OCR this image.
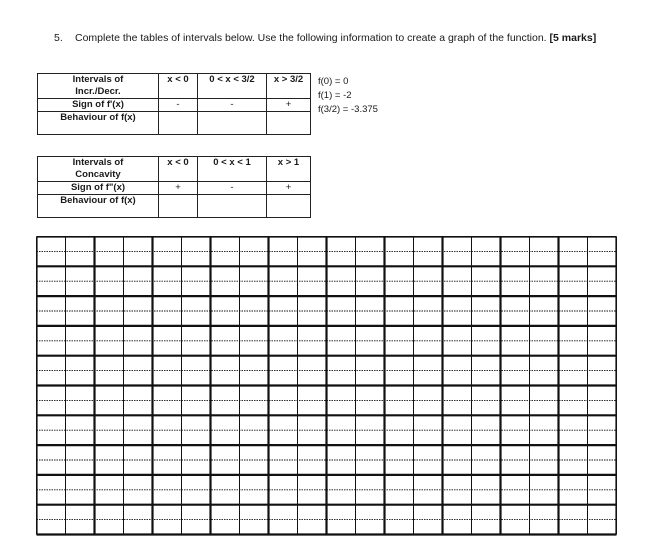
5. Complete the tables of intervals below. Use the following information to create a graph of the function. [5 marks]
Intervals of	x < 0	0 < x < 3/2	x > 3/2
Incr./Decr.			
Sign of f'(x)	-	-	+
Behaviour of f(x)			
f(0) = 0
f(1) = -2
f(3/2) = -3.375
Intervals of	x < 0	0 < x < 1	x > 1
Concavity			
Sign of f"(x)	+	-	+
Behaviour of f(x)			
